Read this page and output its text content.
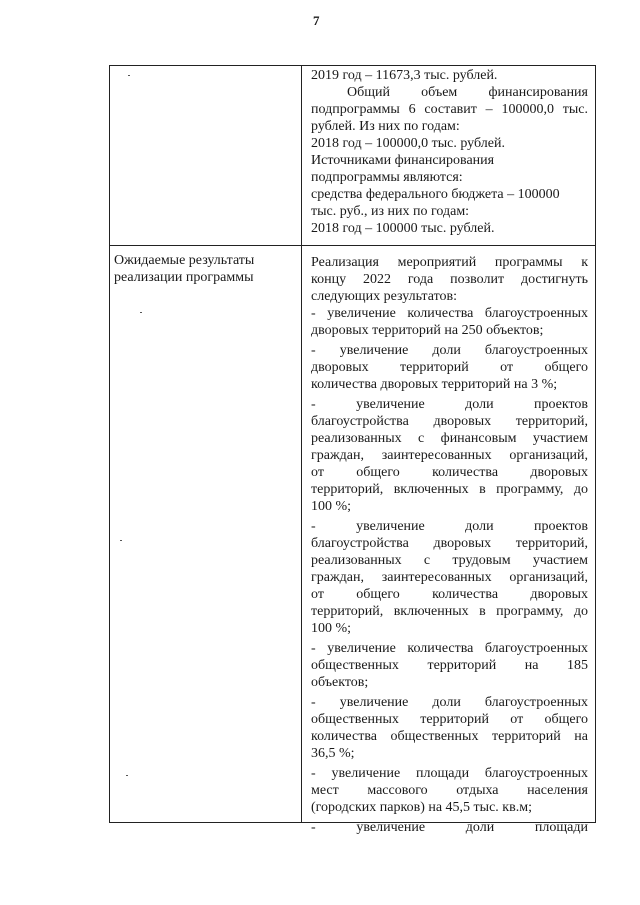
7
2019 год – 11673,3 тыс. рублей.
Общий объем финансирования
подпрограммы 6 составит – 100000,0 тыс.
рублей. Из них по годам:
2018 год – 100000,0 тыс. рублей.
Источниками финансирования
подпрограммы являются:
средства федерального бюджета – 100000
тыс. руб., из них по годам:
2018 год – 100000 тыс. рублей.
Ожидаемые результаты
реализации программы
Реализация мероприятий программы к
концу 2022 года позволит достигнуть
следующих результатов:
- увеличение количества благоустроенных
дворовых территорий на 250 объектов;
- увеличение доли благоустроенных
дворовых территорий от общего
количества дворовых территорий на 3 %;
- увеличение доли проектов
благоустройства дворовых территорий,
реализованных с финансовым участием
граждан, заинтересованных организаций,
от общего количества дворовых
территорий, включенных в программу, до
100 %;
- увеличение доли проектов
благоустройства дворовых территорий,
реализованных с трудовым участием
граждан, заинтересованных организаций,
от общего количества дворовых
территорий, включенных в программу, до
100 %;
- увеличение количества благоустроенных
общественных территорий на 185
объектов;
- увеличение доли благоустроенных
общественных территорий от общего
количества общественных территорий на
36,5 %;
- увеличение площади благоустроенных
мест массового отдыха населения
(городских парков) на 45,5 тыс. кв.м;
- увеличение доли площади
